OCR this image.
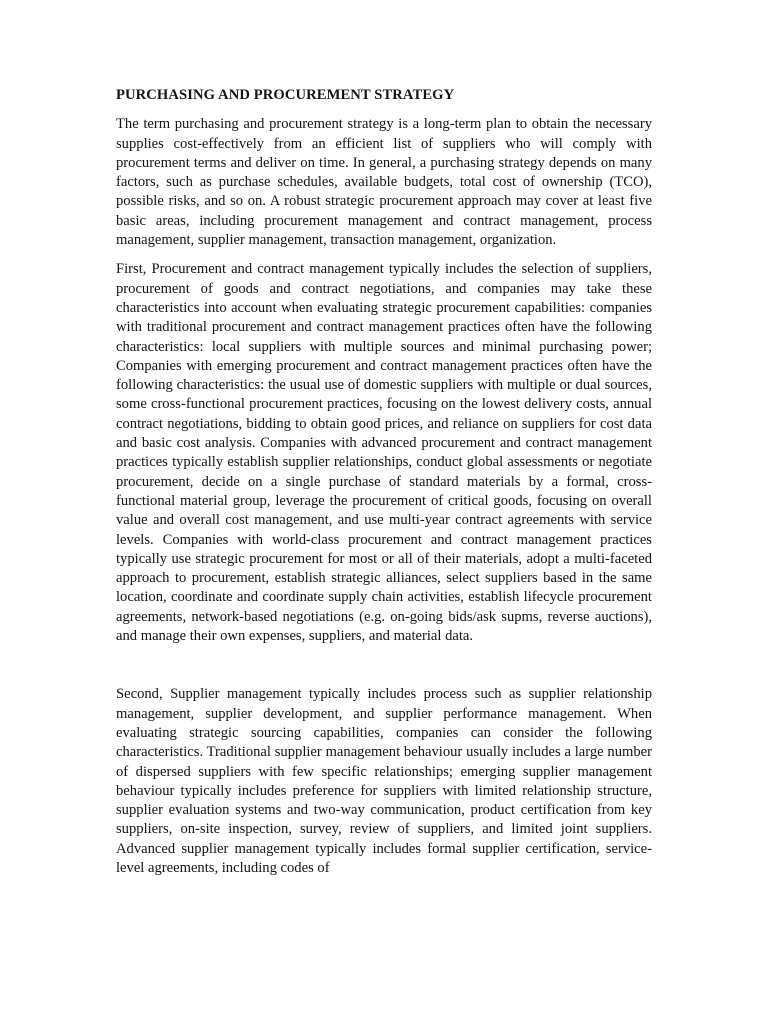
PURCHASING AND PROCUREMENT STRATEGY

The term purchasing and procurement strategy is a long-term plan to obtain the necessary supplies cost-effectively from an efficient list of suppliers who will comply with procurement terms and deliver on time. In general, a purchasing strategy depends on many factors, such as purchase schedules, available budgets, total cost of ownership (TCO), possible risks, and so on. A robust strategic procurement approach may cover at least five basic areas, including procurement management and contract management, process management, supplier management, transaction management, organization.

First, Procurement and contract management typically includes the selection of suppliers, procurement of goods and contract negotiations, and companies may take these characteristics into account when evaluating strategic procurement capabilities: companies with traditional procurement and contract management practices often have the following characteristics: local suppliers with multiple sources and minimal purchasing power; Companies with emerging procurement and contract management practices often have the following characteristics: the usual use of domestic suppliers with multiple or dual sources, some cross-functional procurement practices, focusing on the lowest delivery costs, annual contract negotiations, bidding to obtain good prices, and reliance on suppliers for cost data and basic cost analysis. Companies with advanced procurement and contract management practices typically establish supplier relationships, conduct global assessments or negotiate procurement, decide on a single purchase of standard materials by a formal, cross-functional material group, leverage the procurement of critical goods, focusing on overall value and overall cost management, and use multi-year contract agreements with service levels. Companies with world-class procurement and contract management practices typically use strategic procurement for most or all of their materials, adopt a multi-faceted approach to procurement, establish strategic alliances, select suppliers based in the same location, coordinate and coordinate supply chain activities, establish lifecycle procurement agreements, network-based negotiations (e.g. on-going bids/ask supms, reverse auctions), and manage their own expenses, suppliers, and material data.

Second, Supplier management typically includes process such as supplier relationship management, supplier development, and supplier performance management. When evaluating strategic sourcing capabilities, companies can consider the following characteristics. Traditional supplier management behaviour usually includes a large number of dispersed suppliers with few specific relationships; emerging supplier management behaviour typically includes preference for suppliers with limited relationship structure, supplier evaluation systems and two-way communication, product certification from key suppliers, on-site inspection, survey, review of suppliers, and limited joint suppliers. Advanced supplier management typically includes formal supplier certification, service-level agreements, including codes of
